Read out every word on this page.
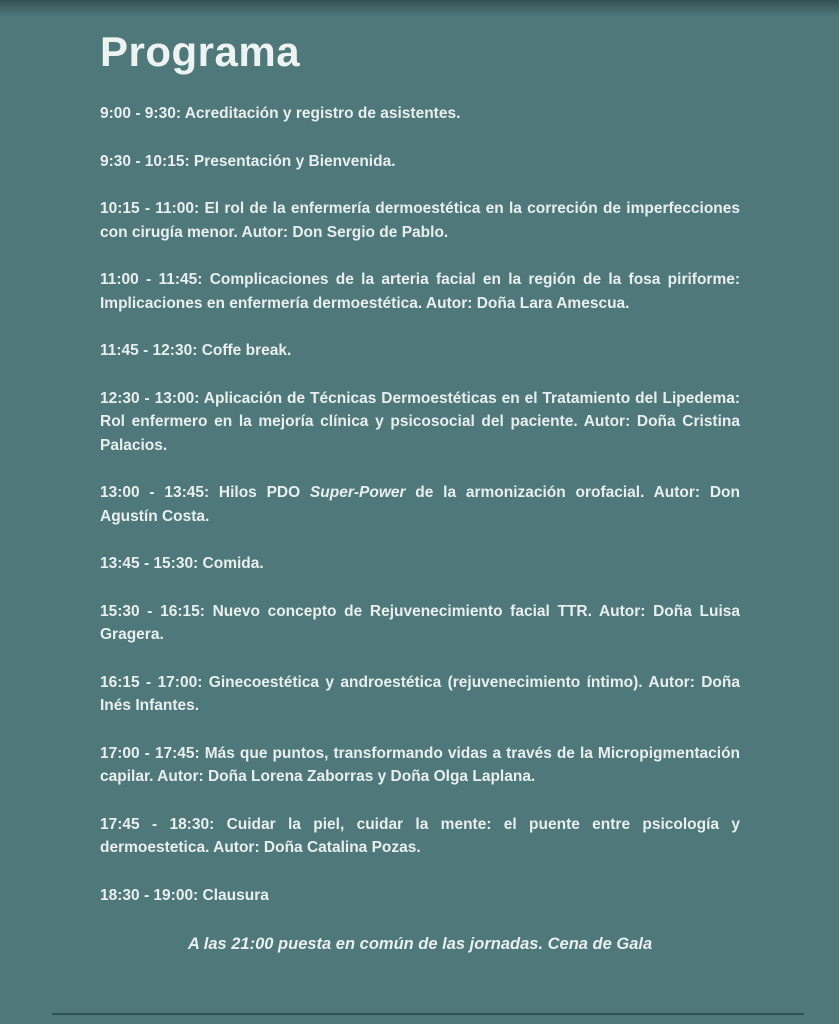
Programa

9:00 - 9:30: Acreditación y registro de asistentes.

9:30 - 10:15: Presentación y Bienvenida.

10:15 - 11:00: El rol de la enfermería dermoestética en la correción de imperfecciones con cirugía menor. Autor: Don Sergio de Pablo.

11:00 - 11:45: Complicaciones de la arteria facial en la región de la fosa piriforme: Implicaciones en enfermería dermoestética. Autor: Doña Lara Amescua.

11:45 - 12:30: Coffe break.

12:30 - 13:00: Aplicación de Técnicas Dermoestéticas en el Tratamiento del Lipedema: Rol enfermero en la mejoría clínica y psicosocial del paciente. Autor: Doña Cristina Palacios.

13:00 - 13:45: Hilos PDO Super-Power de la armonización orofacial. Autor: Don Agustín Costa.

13:45 - 15:30: Comida.

15:30 - 16:15: Nuevo concepto de Rejuvenecimiento facial TTR. Autor: Doña Luisa Gragera.

16:15 - 17:00: Ginecoestética y androestética (rejuvenecimiento íntimo). Autor: Doña Inés Infantes.

17:00 - 17:45: Más que puntos, transformando vidas a través de la Micropigmentación capilar. Autor: Doña Lorena Zaborras y Doña Olga Laplana.

17:45 - 18:30: Cuidar la piel, cuidar la mente: el puente entre psicología y dermoestetica. Autor: Doña Catalina Pozas.

18:30 - 19:00: Clausura

A las 21:00 puesta en común de las jornadas. Cena de Gala
